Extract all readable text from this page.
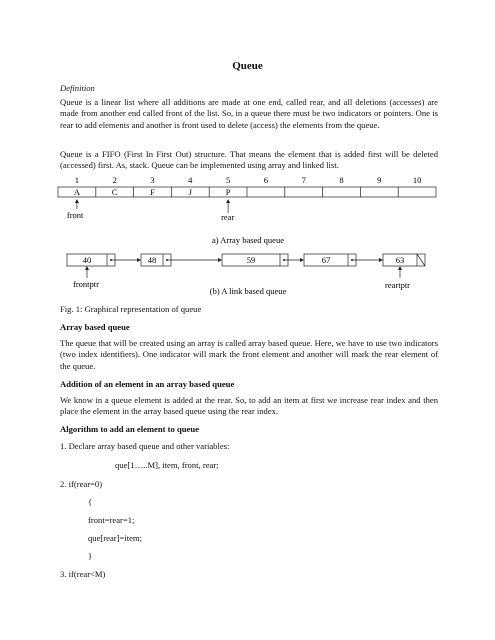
Queue
Definition

Queue is a linear list where all additions are made at one end, called rear, and all deletions (accesses) are made from another end called front of the list. So, in a queue there must be two indicators or pointers. One is rear to add elements and another is front used to delete (access) the elements from the queue.

Queue is a FIFO (First In First Out) structure. That means the element that is added first will be deleted (accessed) first. As, stack. Queue can be implemented using array and linked list.

1	2	3	4	5	6	7	8	9	10
A	C	F	J	P
front	rear
a) Array based queue
40	48	59	67	63
frontptr	reartptr
(b) A link based queue
Fig. 1: Graphical representation of queue
Array based queue

The queue that will be created using an array is called array based queue. Here, we have to use two indicators (two index identifiers). One indicator will mark the front element and another will mark the rear element of the queue.

Addition of an element in an array based queue

We know in a queue element is added at the rear. So, to add an item at first we increase rear index and then place the element in the array based queue using the rear index.

Algorithm to add an element to queue
1. Declare array based queue and other variables:
que[1…..M], item, front, rear;
2. if(rear=0)
{
front=rear=1;
que[rear]=item;
}
3. if(rear<M)
